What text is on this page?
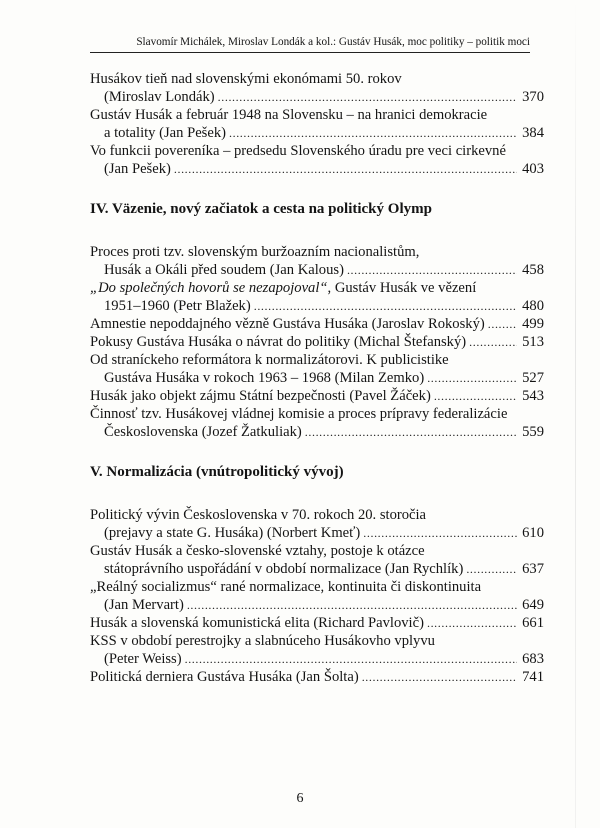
Slavomír Michálek, Miroslav Londák a kol.: Gustáv Husák, moc politiky – politik moci
Husákov tieň nad slovenskými ekonómami 50. rokov
(Miroslav Londák) .....	370
Gustáv Husák a február 1948 na Slovensku – na hranici demokracie
a totality (Jan Pešek) .....	384
Vo funkcii povereníka – predsedu Slovenského úradu pre veci cirkevné
(Jan Pešek) .....	403
IV. Väzenie, nový začiatok a cesta na politický Olymp
Proces proti tzv. slovenským buržoazním nacionalistům,
Husák a Okáli před soudem (Jan Kalous) .....	458
„Do společných hovorů se nezapojoval“, Gustáv Husák ve vězení
1951–1960 (Petr Blažek) .....	480
Amnestie nepoddajného vězně Gustáva Husáka (Jaroslav Rokoský) .....	499
Pokusy Gustáva Husáka o návrat do politiky (Michal Štefanský) .....	513
Od straníckeho reformátora k normalizátorovi. K publicistike
Gustáva Husáka v rokoch 1963 – 1968 (Milan Zemko) .....	527
Husák jako objekt zájmu Státní bezpečnosti (Pavel Žáček) .....	543
Činnosť tzv. Husákovej vládnej komisie a proces prípravy federalizácie
Československa (Jozef Žatkuliak) .....	559
V. Normalizácia (vnútropolitický vývoj)
Politický vývin Československa v 70. rokoch 20. storočia
(prejavy a state G. Husáka) (Norbert Kmeť) .....	610
Gustáv Husák a česko-slovenské vztahy, postoje k otázce
státoprávního uspořádání v období normalizace (Jan Rychlík) .....	637
„Reálný socializmus“ rané normalizace, kontinuita či diskontinuita
(Jan Mervart) .....	649
Husák a slovenská komunistická elita (Richard Pavlovič) .....	661
KSS v období perestrojky a slabnúceho Husákovho vplyvu
(Peter Weiss) .....	683
Politická derniera Gustáva Husáka (Jan Šolta) .....	741
6
